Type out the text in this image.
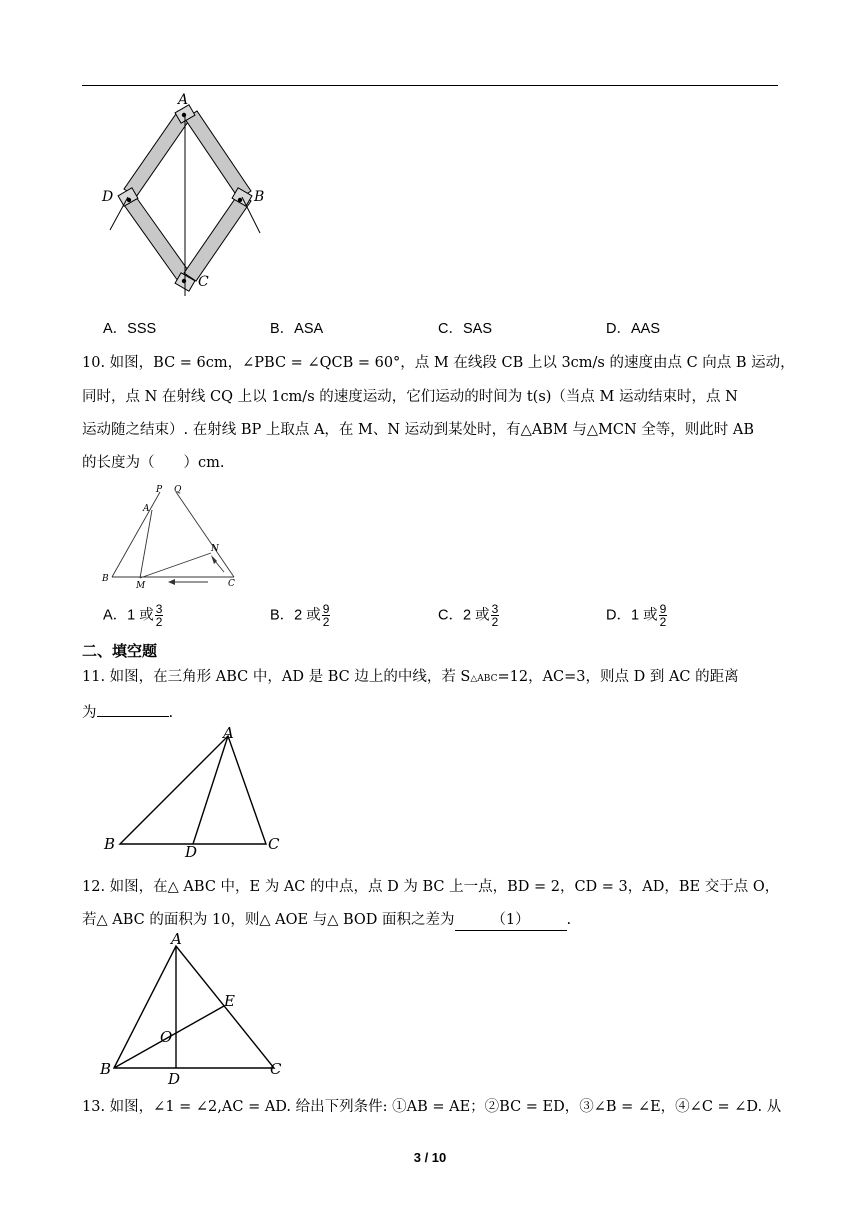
A
D	B
C
A．SSS	B．ASA	C．SAS	D．AAS
10. 如图，BC = 6cm，∠PBC = ∠QCB = 60°，点 M 在线段 CB 上以 3cm/s 的速度由点 C 向点 B 运动，
同时，点 N 在射线 CQ 上以 1cm/s 的速度运动，它们运动的时间为 t(s)（当点 M 运动结束时，点 N
运动随之结束）. 在射线 BP 上取点 A，在 M、N 运动到某处时，有△ABM 与△MCN 全等，则此时 AB
的长度为（　　）cm.
P Q
A
N
B
M	C
A．1 或 $\frac{3}{2}$	B．2 或 $\frac{9}{2}$	C．2 或 $\frac{3}{2}$	D．1 或 $\frac{9}{2}$
二、填空题
11. 如图，在三角形 ABC 中，AD 是 BC 边上的中线，若 S△ABC=12，AC=3，则点 D 到 AC 的距离
为	.
A
B	D	C
12. 如图，在△ ABC 中，E 为 AC 的中点，点 D 为 BC 上一点，BD = 2，CD = 3，AD，BE 交于点 O，
若△ ABC 的面积为 10，则△ AOE 与△ BOD 面积之差为	（1）	.
A
E
O
B
D
C
13. 如图，∠1 = ∠2,AC = AD. 给出下列条件: ①AB = AE；②BC = ED，③∠B = ∠E，④∠C = ∠D. 从
3 / 10
